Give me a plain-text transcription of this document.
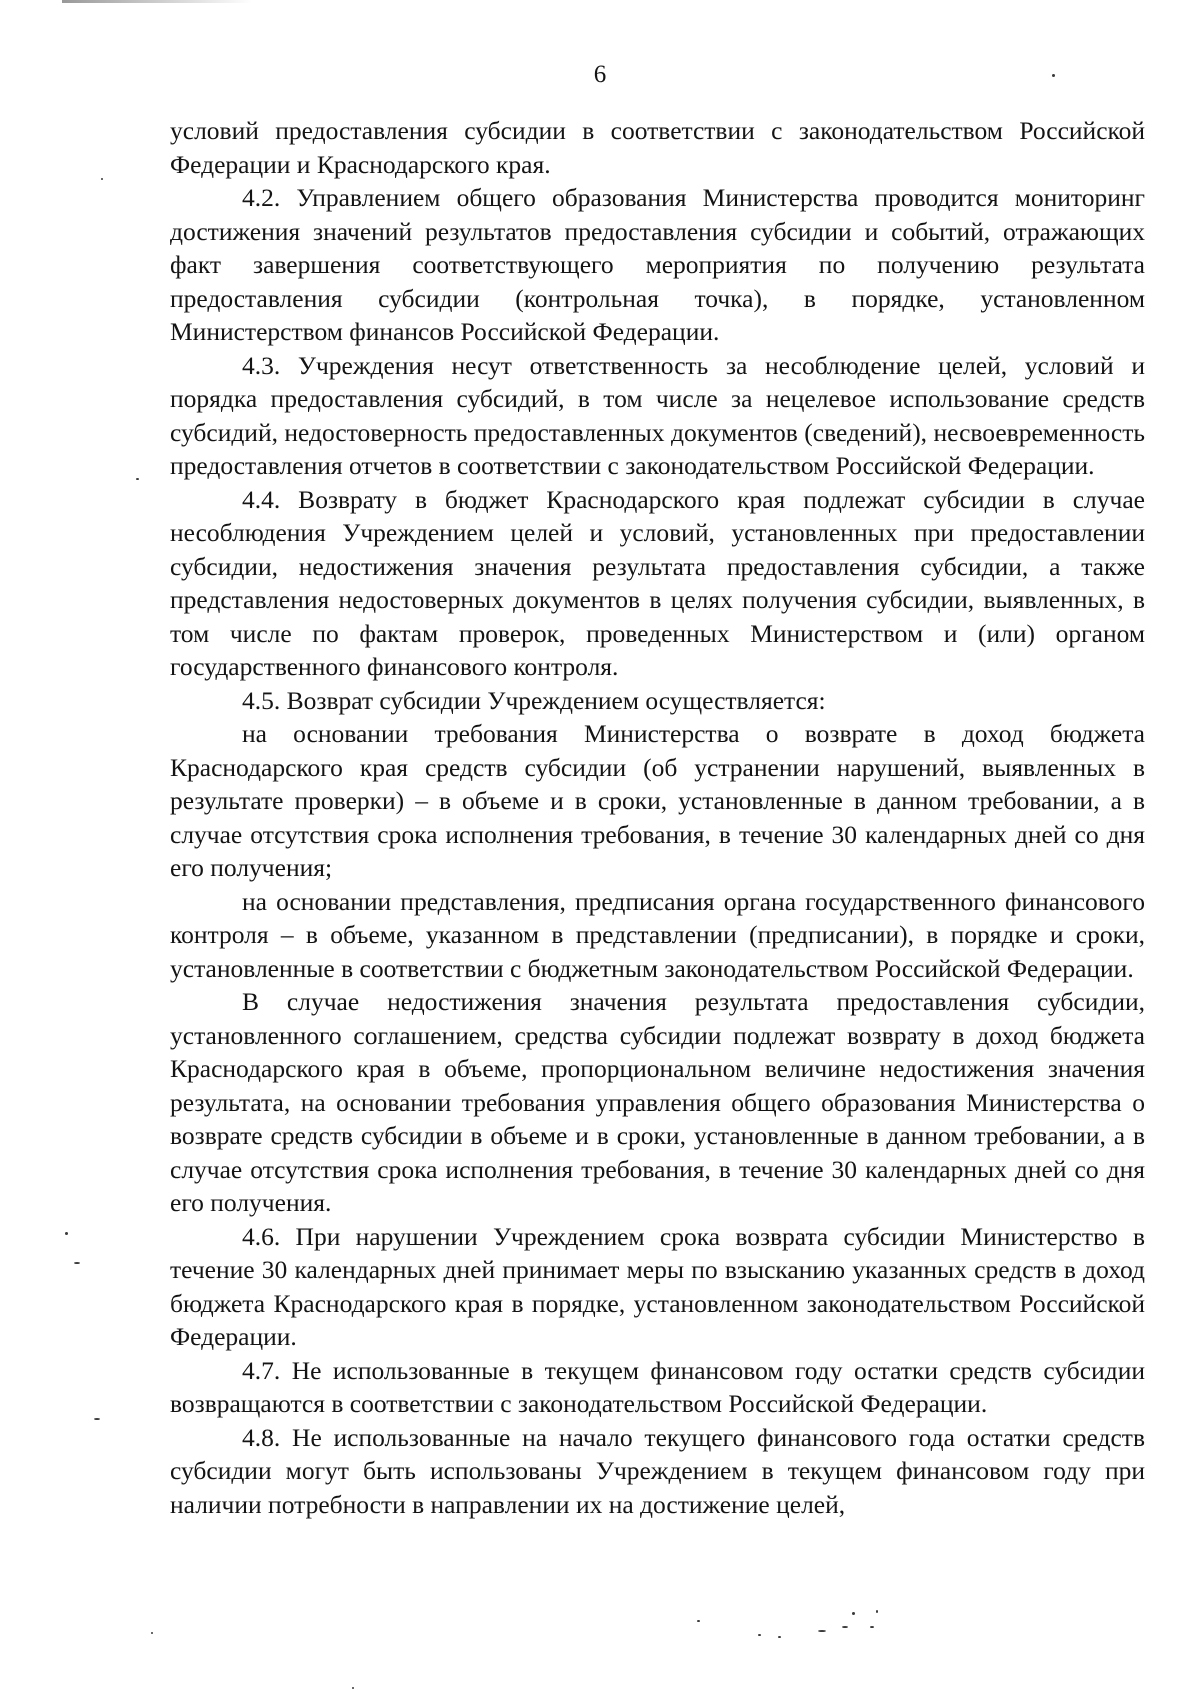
6

условий предоставления субсидии в соответствии с законодательством Российской Федерации и Краснодарского края.

4.2. Управлением общего образования Министерства проводится мониторинг достижения значений результатов предоставления субсидии и событий, отражающих факт завершения соответствующего мероприятия по получению результата предоставления субсидии (контрольная точка), в порядке, установленном Министерством финансов Российской Федерации.

4.3. Учреждения несут ответственность за несоблюдение целей, условий и порядка предоставления субсидий, в том числе за нецелевое использование средств субсидий, недостоверность предоставленных документов (сведений), несвоевременность предоставления отчетов в соответствии с законодательством Российской Федерации.

4.4. Возврату в бюджет Краснодарского края подлежат субсидии в случае несоблюдения Учреждением целей и условий, установленных при предоставлении субсидии, недостижения значения результата предоставления субсидии, а также представления недостоверных документов в целях получения субсидии, выявленных, в том числе по фактам проверок, проведенных Министерством и (или) органом государственного финансового контроля.

4.5. Возврат субсидии Учреждением осуществляется:

на основании требования Министерства о возврате в доход бюджета Краснодарского края средств субсидии (об устранении нарушений, выявленных в результате проверки) – в объеме и в сроки, установленные в данном требовании, а в случае отсутствия срока исполнения требования, в течение 30 календарных дней со дня его получения;

на основании представления, предписания органа государственного финансового контроля – в объеме, указанном в представлении (предписании), в порядке и сроки, установленные в соответствии с бюджетным законодательством Российской Федерации.

В случае недостижения значения результата предоставления субсидии, установленного соглашением, средства субсидии подлежат возврату в доход бюджета Краснодарского края в объеме, пропорциональном величине недостижения значения результата, на основании требования управления общего образования Министерства о возврате средств субсидии в объеме и в сроки, установленные в данном требовании, а в случае отсутствия срока исполнения требования, в течение 30 календарных дней со дня его получения.

4.6. При нарушении Учреждением срока возврата субсидии Министерство в течение 30 календарных дней принимает меры по взысканию указанных средств в доход бюджета Краснодарского края в порядке, установленном законодательством Российской Федерации.

4.7. Не использованные в текущем финансовом году остатки средств субсидии возвращаются в соответствии с законодательством Российской Федерации.

4.8. Не использованные на начало текущего финансового года остатки средств субсидии могут быть использованы Учреждением в текущем финансовом году при наличии потребности в направлении их на достижение целей,
